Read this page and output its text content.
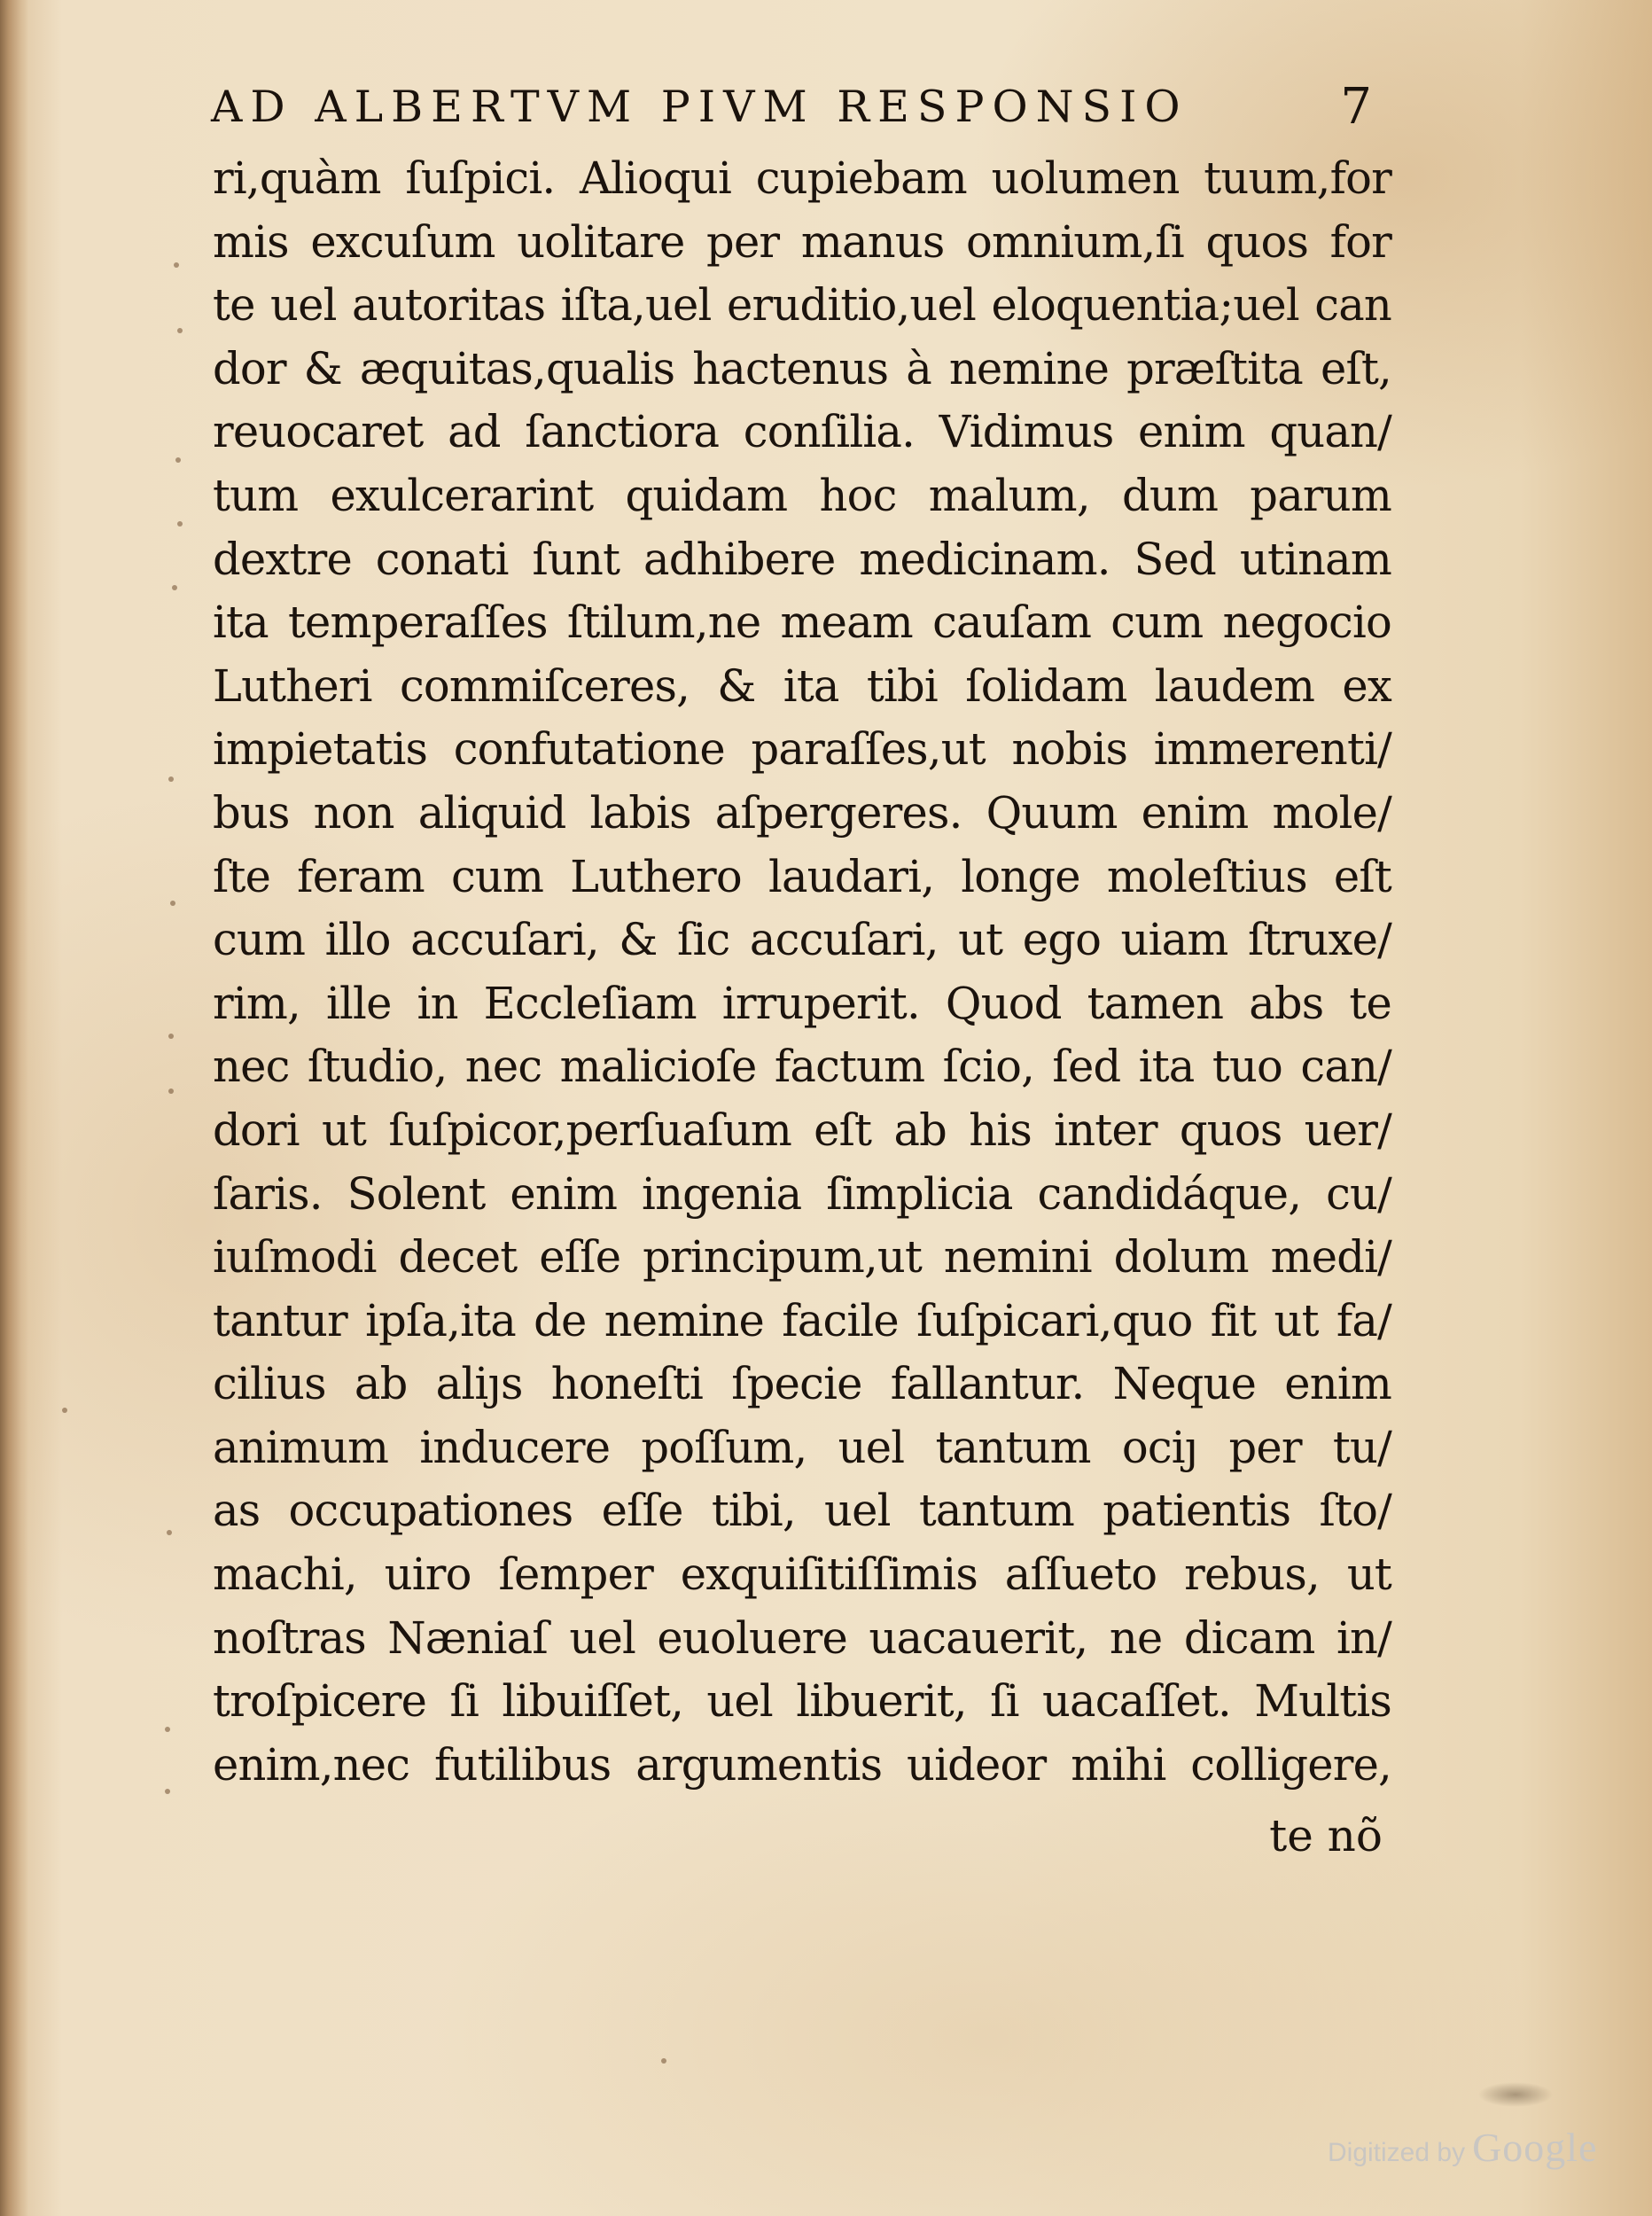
AD ALBERTVM PIVM RESPONSIO	7
ri,quàm ſuſpici. Alioqui cupiebam uolumen tuum,for
mis excuſum uolitare per manus omnium,ſi quos for
te uel autoritas iſta,uel eruditio,uel eloquentia;uel can
dor & æquitas,qualis hactenus à nemine præſtita eſt,
reuocaret ad ſanctiora conſilia. Vidimus enim quan/
tum exulcerarint quidam hoc malum, dum parum
dextre conati ſunt adhibere medicinam. Sed utinam
ita temperaſſes ſtilum,ne meam cauſam cum negocio
Lutheri commiſceres, & ita tibi ſolidam laudem ex
impietatis confutatione paraſſes,ut nobis immerenti/
bus non aliquid labis aſpergeres. Quum enim mole/
ſte feram cum Luthero laudari, longe moleſtius eſt
cum illo accuſari, & ſic accuſari, ut ego uiam ſtruxe/
rim, ille in Eccleſiam irruperit. Quod tamen abs te
nec ſtudio, nec malicioſe factum ſcio, ſed ita tuo can/
dori ut ſuſpicor,perſuaſum eſt ab his inter quos uer/
ſaris. Solent enim ingenia ſimplicia candidáque, cu/
iuſmodi decet eſſe principum,ut nemini dolum medi/
tantur ipſa,ita de nemine facile ſuſpicari,quo fit ut fa/
cilius ab aliȷs honeſti ſpecie fallantur. Neque enim
animum inducere poſſum, uel tantum ociȷ per tu/
as occupationes eſſe tibi, uel tantum patientis ſto/
machi, uiro ſemper exquiſitiſſimis aſſueto rebus, ut
noſtras Næniaſ uel euoluere uacauerit, ne dicam in/
troſpicere ſi libuiſſet, uel libuerit, ſi uacaſſet. Multis
enim,nec futilibus argumentis uideor mihi colligere,
te nõ
Digitized by Google
